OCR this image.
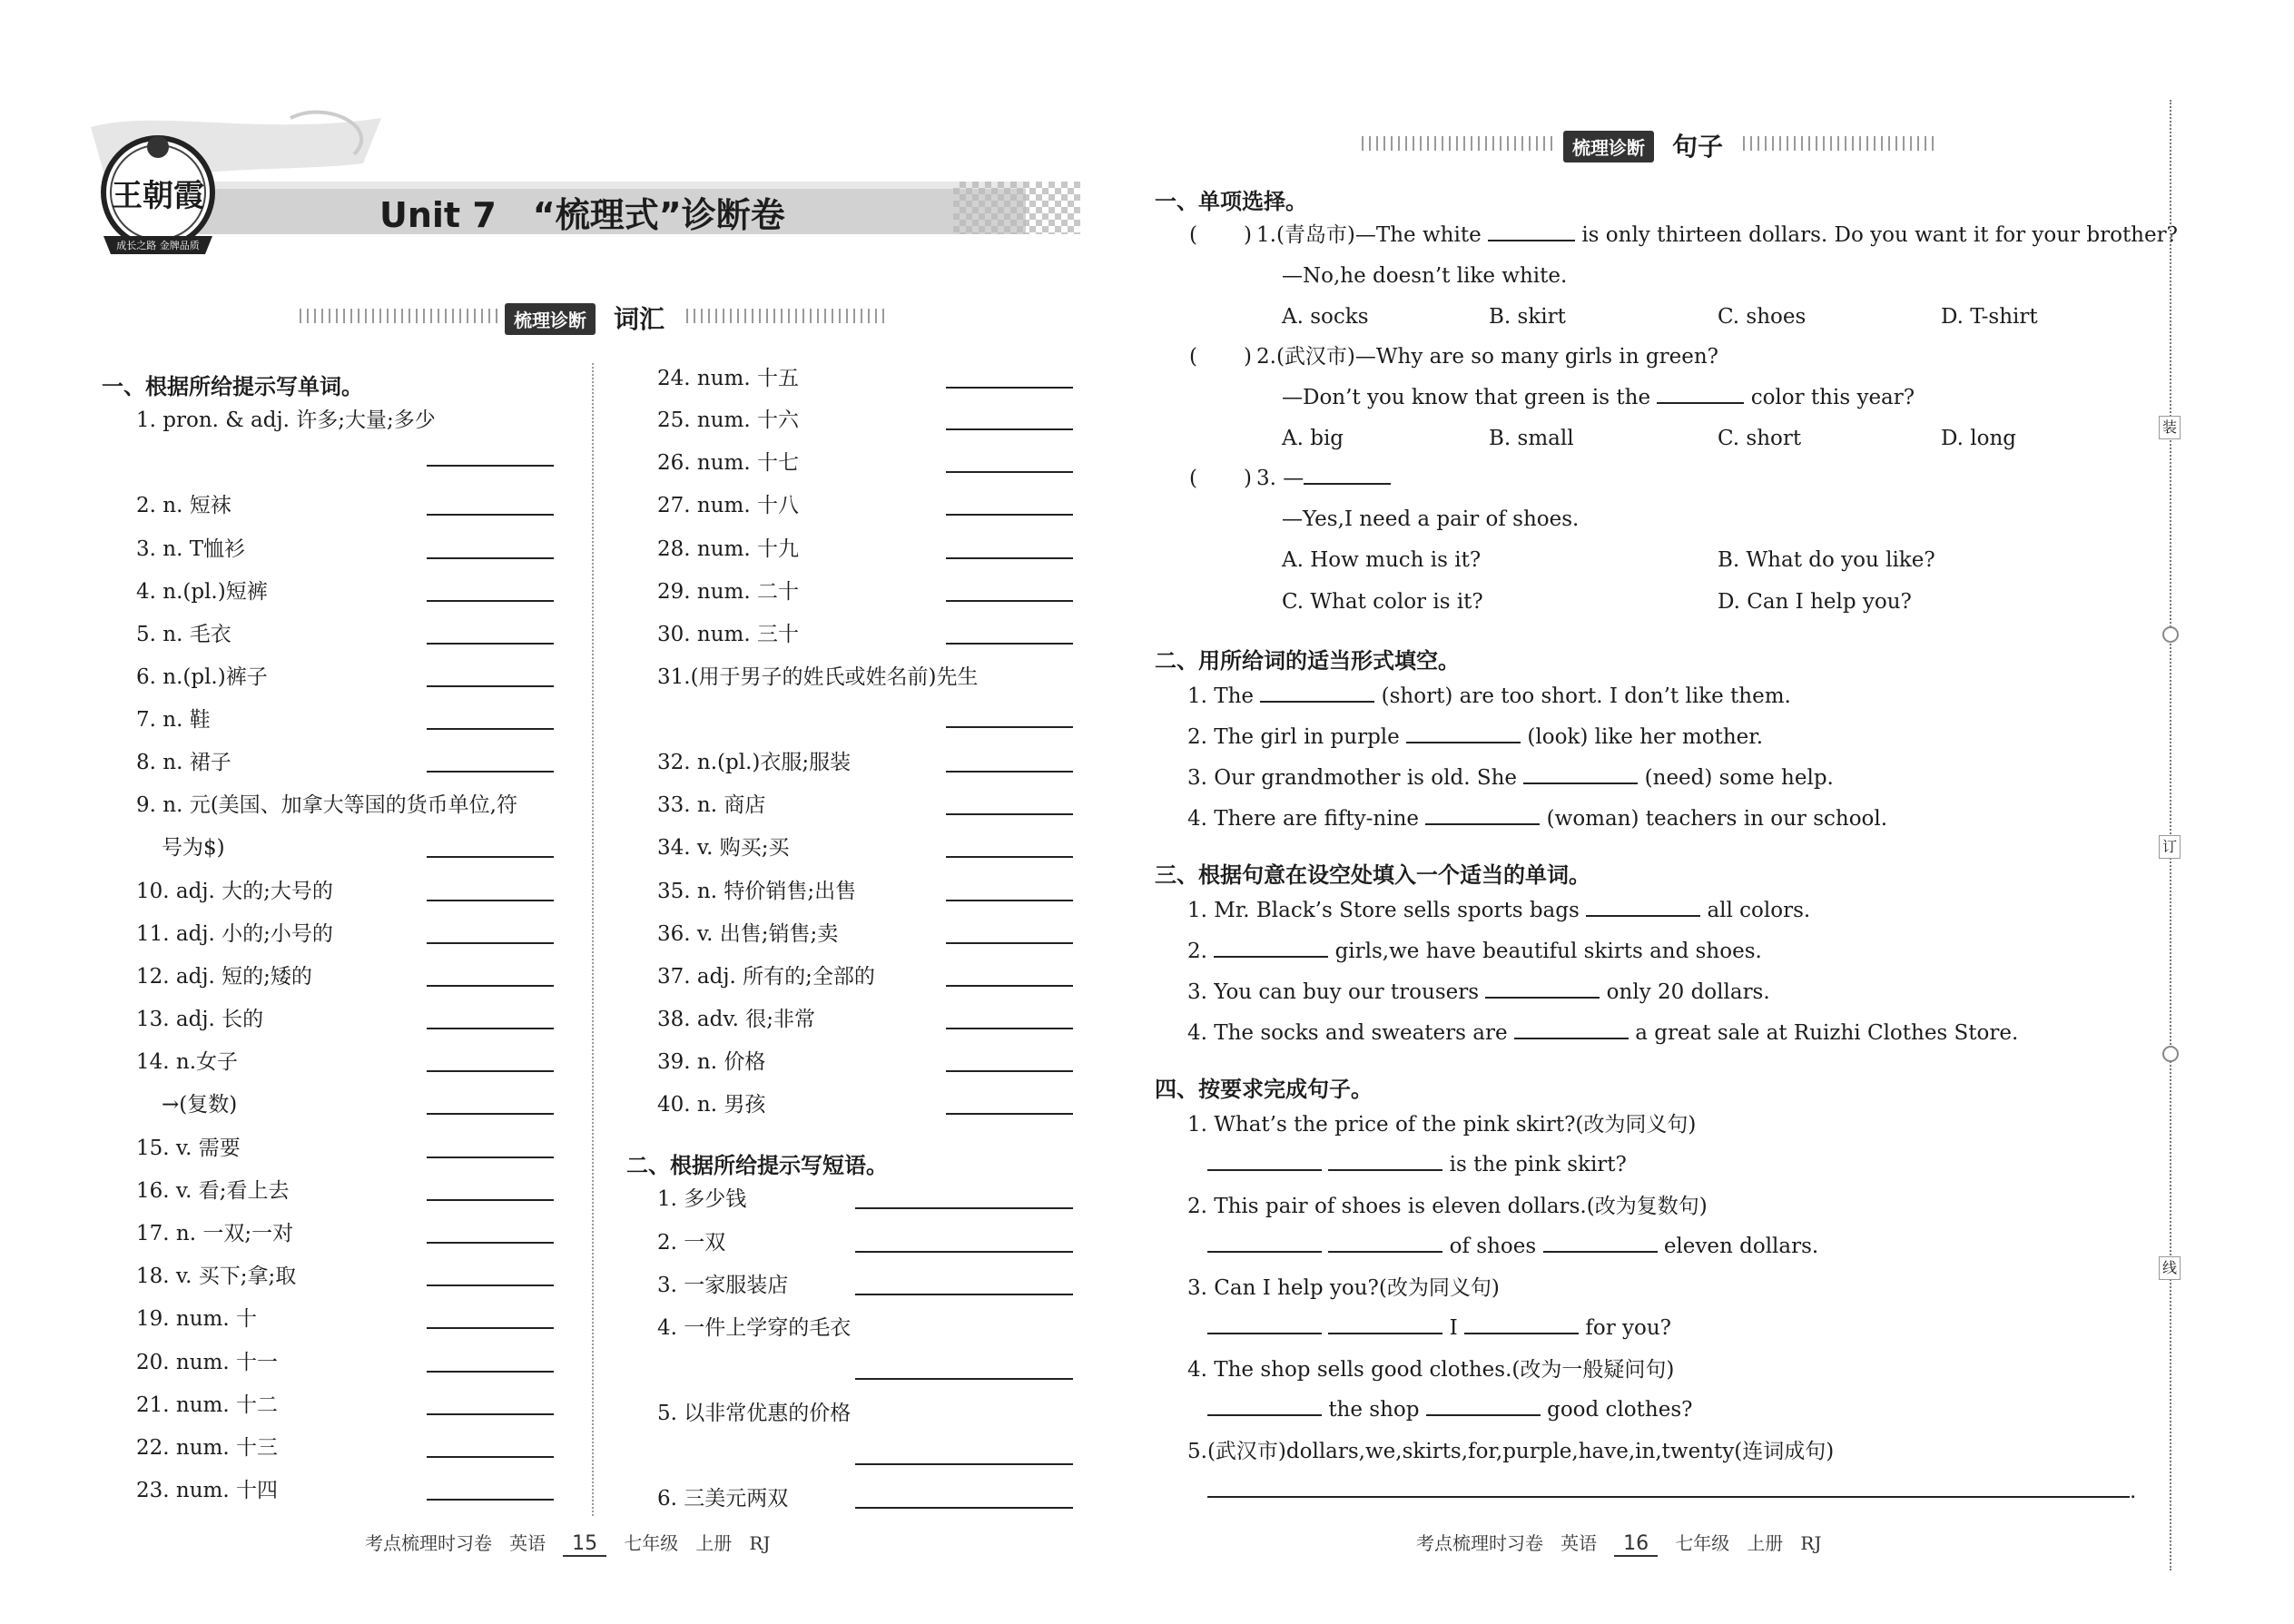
王朝霞
成长之路 金牌品质
Unit 7 “梳理式”诊断卷
梳理诊断	词汇
一、根据所给提示写单词。
1. pron. & adj. 许多;大量;多少
2. n. 短袜
3. n. T恤衫
4. n.(pl.)短裤
5. n. 毛衣
6. n.(pl.)裤子
7. n. 鞋
8. n. 裙子
9. n. 元(美国、加拿大等国的货币单位,符
号为$)
10. adj. 大的;大号的
11. adj. 小的;小号的
12. adj. 短的;矮的
13. adj. 长的
14. n.女子
→(复数)
15. v. 需要
16. v. 看;看上去
17. n. 一双;一对
18. v. 买下;拿;取
19. num. 十
20. num. 十一
21. num. 十二
22. num. 十三
23. num. 十四
24. num. 十五
25. num. 十六
26. num. 十七
27. num. 十八
28. num. 十九
29. num. 二十
30. num. 三十
31.(用于男子的姓氏或姓名前)先生
32. n.(pl.)衣服;服装
33. n. 商店
34. v. 购买;买
35. n. 特价销售;出售
36. v. 出售;销售;卖
37. adj. 所有的;全部的
38. adv. 很;非常
39. n. 价格
40. n. 男孩
二、根据所给提示写短语。
1. 多少钱
2. 一双
3. 一家服装店
4. 一件上学穿的毛衣
5. 以非常优惠的价格
6. 三美元两双
考点梳理时习卷 英语 15 七年级 上册 RJ
梳理诊断	句子
一、单项选择。
( ) 1.(青岛市)—The white	is only thirteen dollars. Do you want it for your brother?
—No,he doesn’t like white.
A. socks	B. skirt	C. shoes	D. T-shirt
( ) 2.(武汉市)—Why are so many girls in green?
—Don’t you know that green is the	color this year?
A. big	B. small	C. short	D. long
( ) 3. —
—Yes,I need a pair of shoes.
A. How much is it?	B. What do you like?
C. What color is it?	D. Can I help you?
二、用所给词的适当形式填空。
1. The	(short) are too short. I don’t like them.
2. The girl in purple	(look) like her mother.
3. Our grandmother is old. She	(need) some help.
4. There are fifty-nine	(woman) teachers in our school.
三、根据句意在设空处填入一个适当的单词。
1. Mr. Black’s Store sells sports bags	all colors.
2.	girls,we have beautiful skirts and shoes.
3. You can buy our trousers	only 20 dollars.
4. The socks and sweaters are	a great sale at Ruizhi Clothes Store.
四、按要求完成句子。
1. What’s the price of the pink skirt?(改为同义句)
is the pink skirt?
2. This pair of shoes is eleven dollars.(改为复数句)
of shoes	eleven dollars.
3. Can I help you?(改为同义句)
I	for you?
4. The shop sells good clothes.(改为一般疑问句)
the shop	good clothes?
5.(武汉市)dollars,we,skirts,for,purple,have,in,twenty(连词成句)
.
考点梳理时习卷 英语 16 七年级 上册 RJ
装
订
线
